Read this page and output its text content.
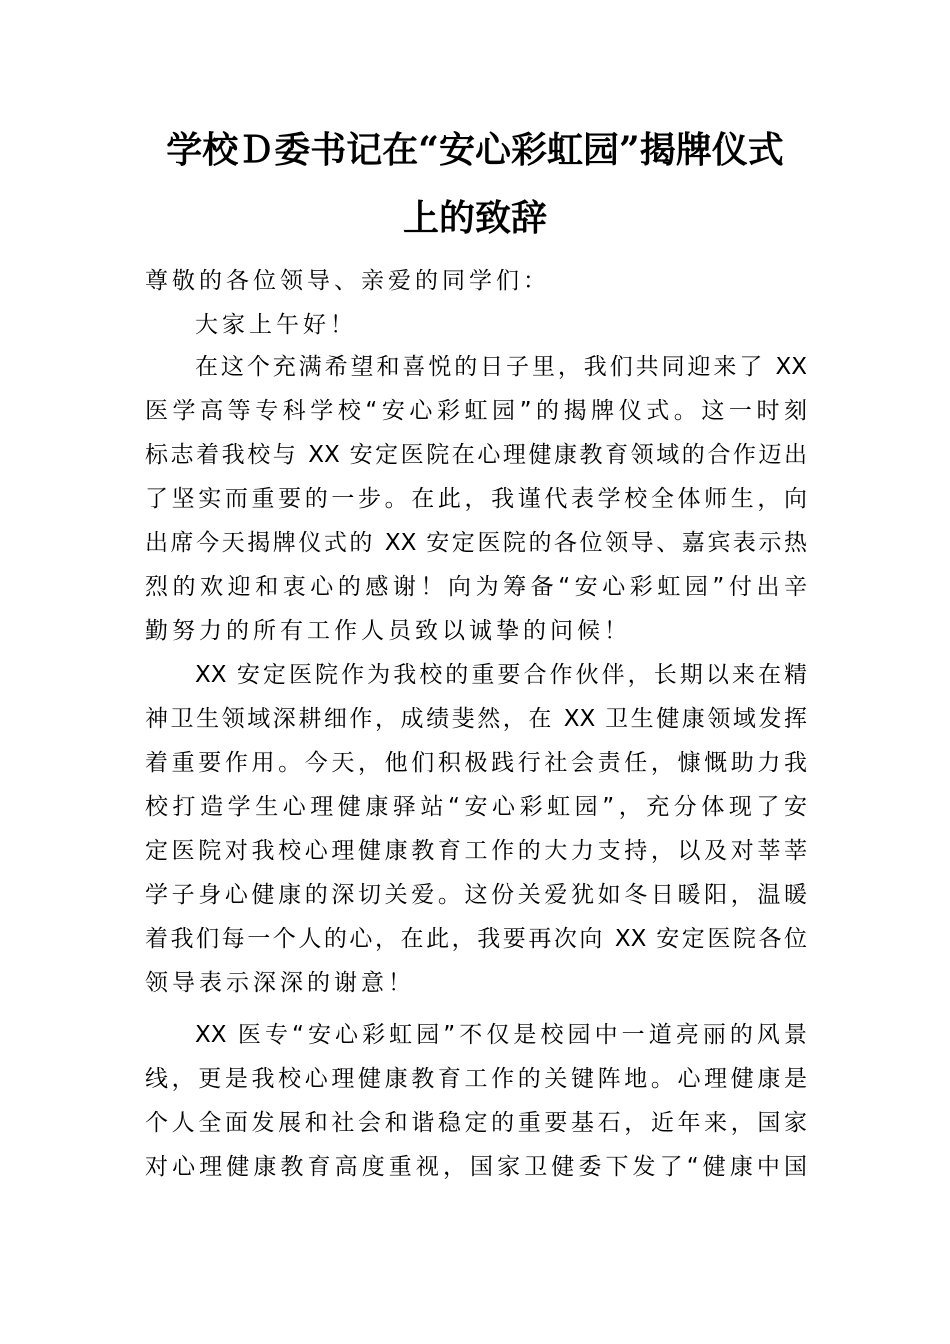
学校Ｄ委书记在“安心彩虹园”揭牌仪式
上的致辞
尊敬的各位领导、亲爱的同学们：
大家上午好！
在这个充满希望和喜悦的日子里，我们共同迎来了 XX
医学高等专科学校“安心彩虹园”的揭牌仪式。这一时刻
标志着我校与 XX 安定医院在心理健康教育领域的合作迈出
了坚实而重要的一步。在此，我谨代表学校全体师生，向
出席今天揭牌仪式的 XX 安定医院的各位领导、嘉宾表示热
烈的欢迎和衷心的感谢！向为筹备“安心彩虹园”付出辛
勤努力的所有工作人员致以诚挚的问候！
XX 安定医院作为我校的重要合作伙伴，长期以来在精
神卫生领域深耕细作，成绩斐然，在 XX 卫生健康领域发挥
着重要作用。今天，他们积极践行社会责任，慷慨助力我
校打造学生心理健康驿站“安心彩虹园”，充分体现了安
定医院对我校心理健康教育工作的大力支持，以及对莘莘
学子身心健康的深切关爱。这份关爱犹如冬日暖阳，温暖
着我们每一个人的心，在此，我要再次向 XX 安定医院各位
领导表示深深的谢意！
XX 医专“安心彩虹园”不仅是校园中一道亮丽的风景
线，更是我校心理健康教育工作的关键阵地。心理健康是
个人全面发展和社会和谐稳定的重要基石，近年来，国家
对心理健康教育高度重视，国家卫健委下发了“健康中国
